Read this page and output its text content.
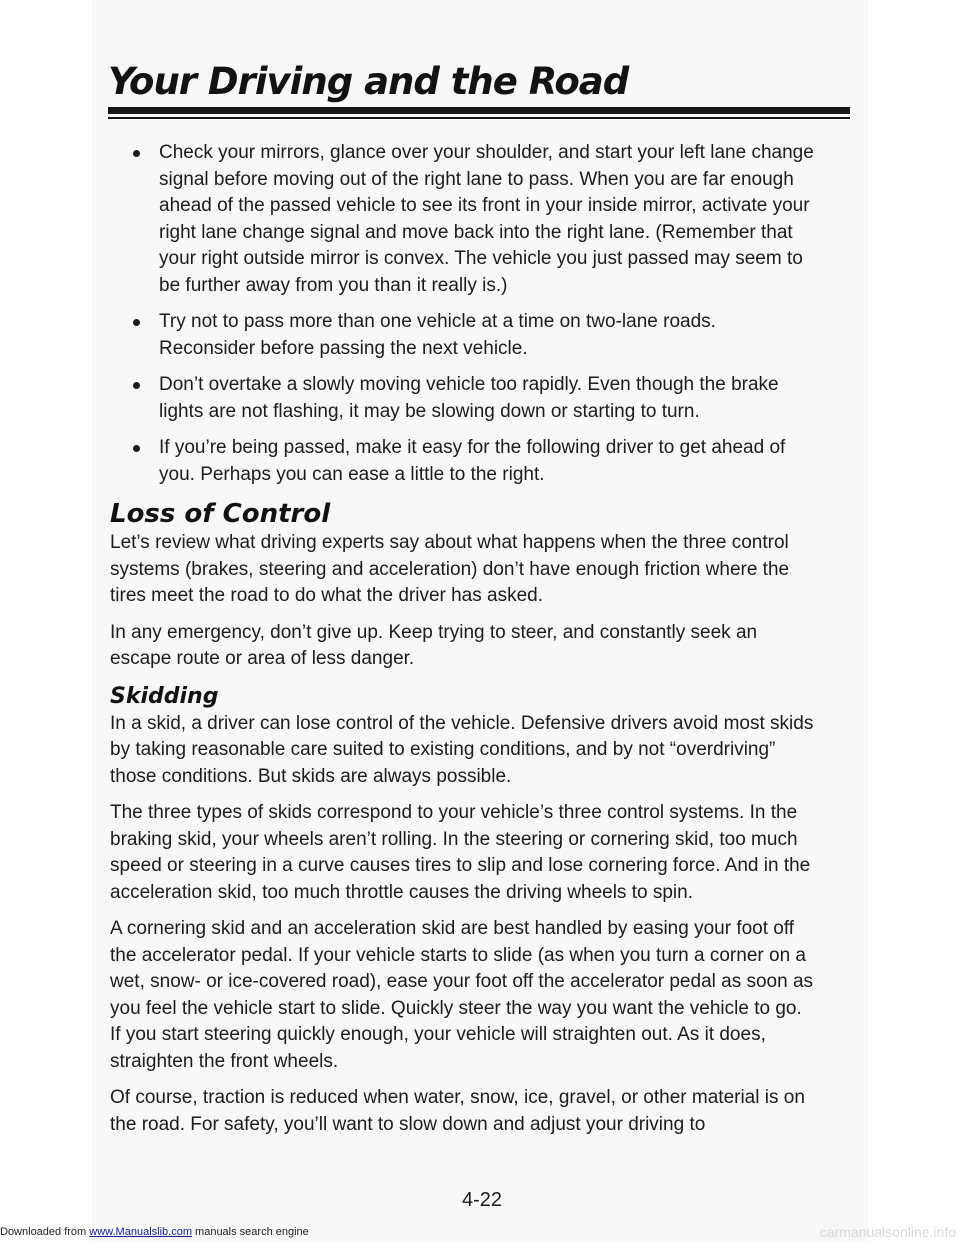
Your Driving and the Road
Check your mirrors, glance over your shoulder, and start your left lane change signal before moving out of the right lane to pass. When you are far enough ahead of the passed vehicle to see its front in your inside mirror, activate your right lane change signal and move back into the right lane. (Remember that your right outside mirror is convex. The vehicle you just passed may seem to be further away from you than it really is.)
Try not to pass more than one vehicle at a time on two-lane roads. Reconsider before passing the next vehicle.
Don’t overtake a slowly moving vehicle too rapidly. Even though the brake lights are not flashing, it may be slowing down or starting to turn.
If you’re being passed, make it easy for the following driver to get ahead of you. Perhaps you can ease a little to the right.
Loss of Control

Let’s review what driving experts say about what happens when the three control systems (brakes, steering and acceleration) don’t have enough friction where the tires meet the road to do what the driver has asked.

In any emergency, don’t give up. Keep trying to steer, and constantly seek an escape route or area of less danger.

Skidding

In a skid, a driver can lose control of the vehicle. Defensive drivers avoid most skids by taking reasonable care suited to existing conditions, and by not “overdriving” those conditions. But skids are always possible.

The three types of skids correspond to your vehicle’s three control systems. In the braking skid, your wheels aren’t rolling. In the steering or cornering skid, too much speed or steering in a curve causes tires to slip and lose cornering force. And in the acceleration skid, too much throttle causes the driving wheels to spin.

A cornering skid and an acceleration skid are best handled by easing your foot off the accelerator pedal. If your vehicle starts to slide (as when you turn a corner on a wet, snow- or ice-covered road), ease your foot off the accelerator pedal as soon as you feel the vehicle start to slide. Quickly steer the way you want the vehicle to go. If you start steering quickly enough, your vehicle will straighten out. As it does, straighten the front wheels.

Of course, traction is reduced when water, snow, ice, gravel, or other material is on the road. For safety, you’ll want to slow down and adjust your driving to

4-22
Downloaded from www.Manualslib.com manuals search engine	carmanualsonline.info
